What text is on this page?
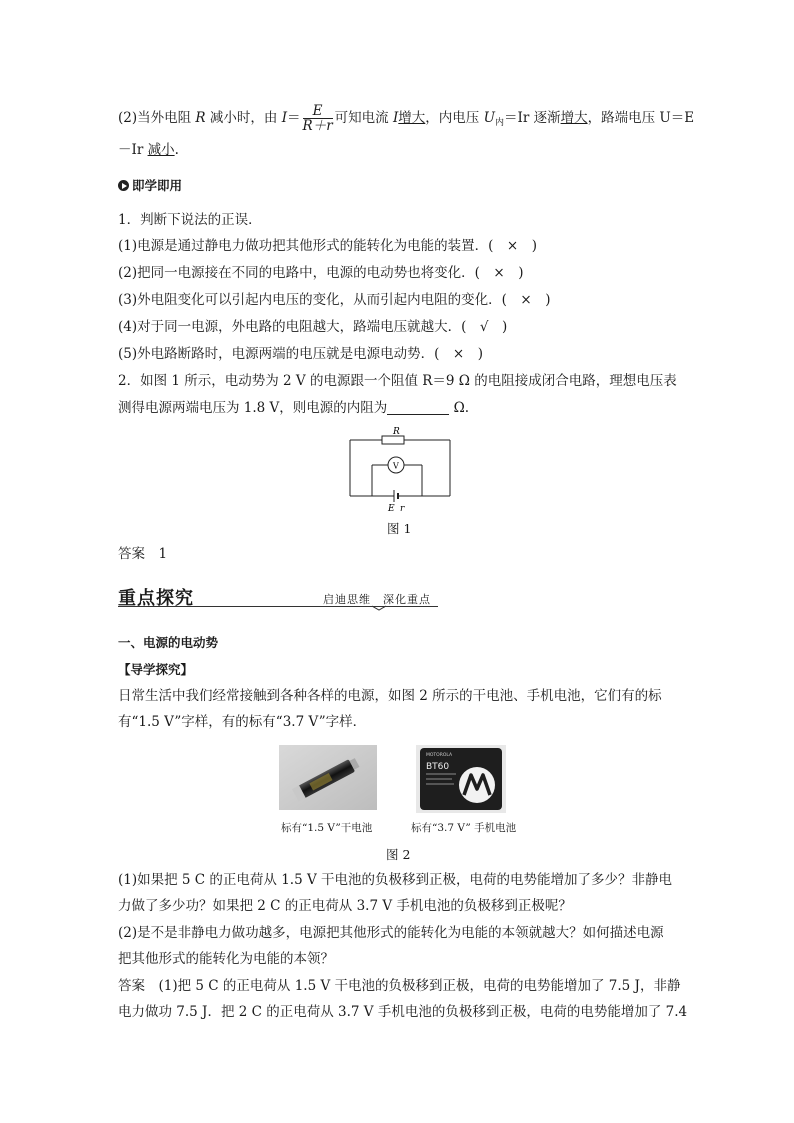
(2)当外电阻 R 减小时，由 $I= \frac{E}{R+r}$ 可知电流 I增大，内电压 $U_内=Ir$ 逐渐增大，路端电压 U＝E
－Ir 减小.
即学即用
1．判断下说法的正误．
(1)电源是通过静电力做功把其他形式的能转化为电能的装置．(　×　)
(2)把同一电源接在不同的电路中，电源的电动势也将变化．(　×　)
(3)外电阻变化可以引起内电压的变化，从而引起内电阻的变化．(　×　)
(4)对于同一电源，外电路的电阻越大，路端电压就越大．(　√　)
(5)外电路断路时，电源两端的电压就是电源电动势．(　×　)
2．如图 1 所示，电动势为 2 V 的电源跟一个阻值 R＝9 Ω 的电阻接成闭合电路，理想电压表
测得电源两端电压为 1.8 V，则电源的内阻为	Ω.
R
V
E r
图 1
答案　1
重点探究	启迪思维　深化重点
一、电源的电动势
【导学探究】
日常生活中我们经常接触到各种各样的电源，如图 2 所示的干电池、手机电池，它们有的标
有“1.5 V”字样，有的标有“3.7 V”字样．
MOTOROLA
BT60
标有“1.5 V”干电池	标有“3.7 V” 手机电池
图 2
(1)如果把 5 C 的正电荷从 1.5 V 干电池的负极移到正极，电荷的电势能增加了多少？非静电
力做了多少功？如果把 2 C 的正电荷从 3.7 V 手机电池的负极移到正极呢？
(2)是不是非静电力做功越多，电源把其他形式的能转化为电能的本领就越大？如何描述电源
把其他形式的能转化为电能的本领？
答案　(1)把 5 C 的正电荷从 1.5 V 干电池的负极移到正极，电荷的电势能增加了 7.5 J，非静
电力做功 7.5 J．把 2 C 的正电荷从 3.7 V 手机电池的负极移到正极，电荷的电势能增加了 7.4
